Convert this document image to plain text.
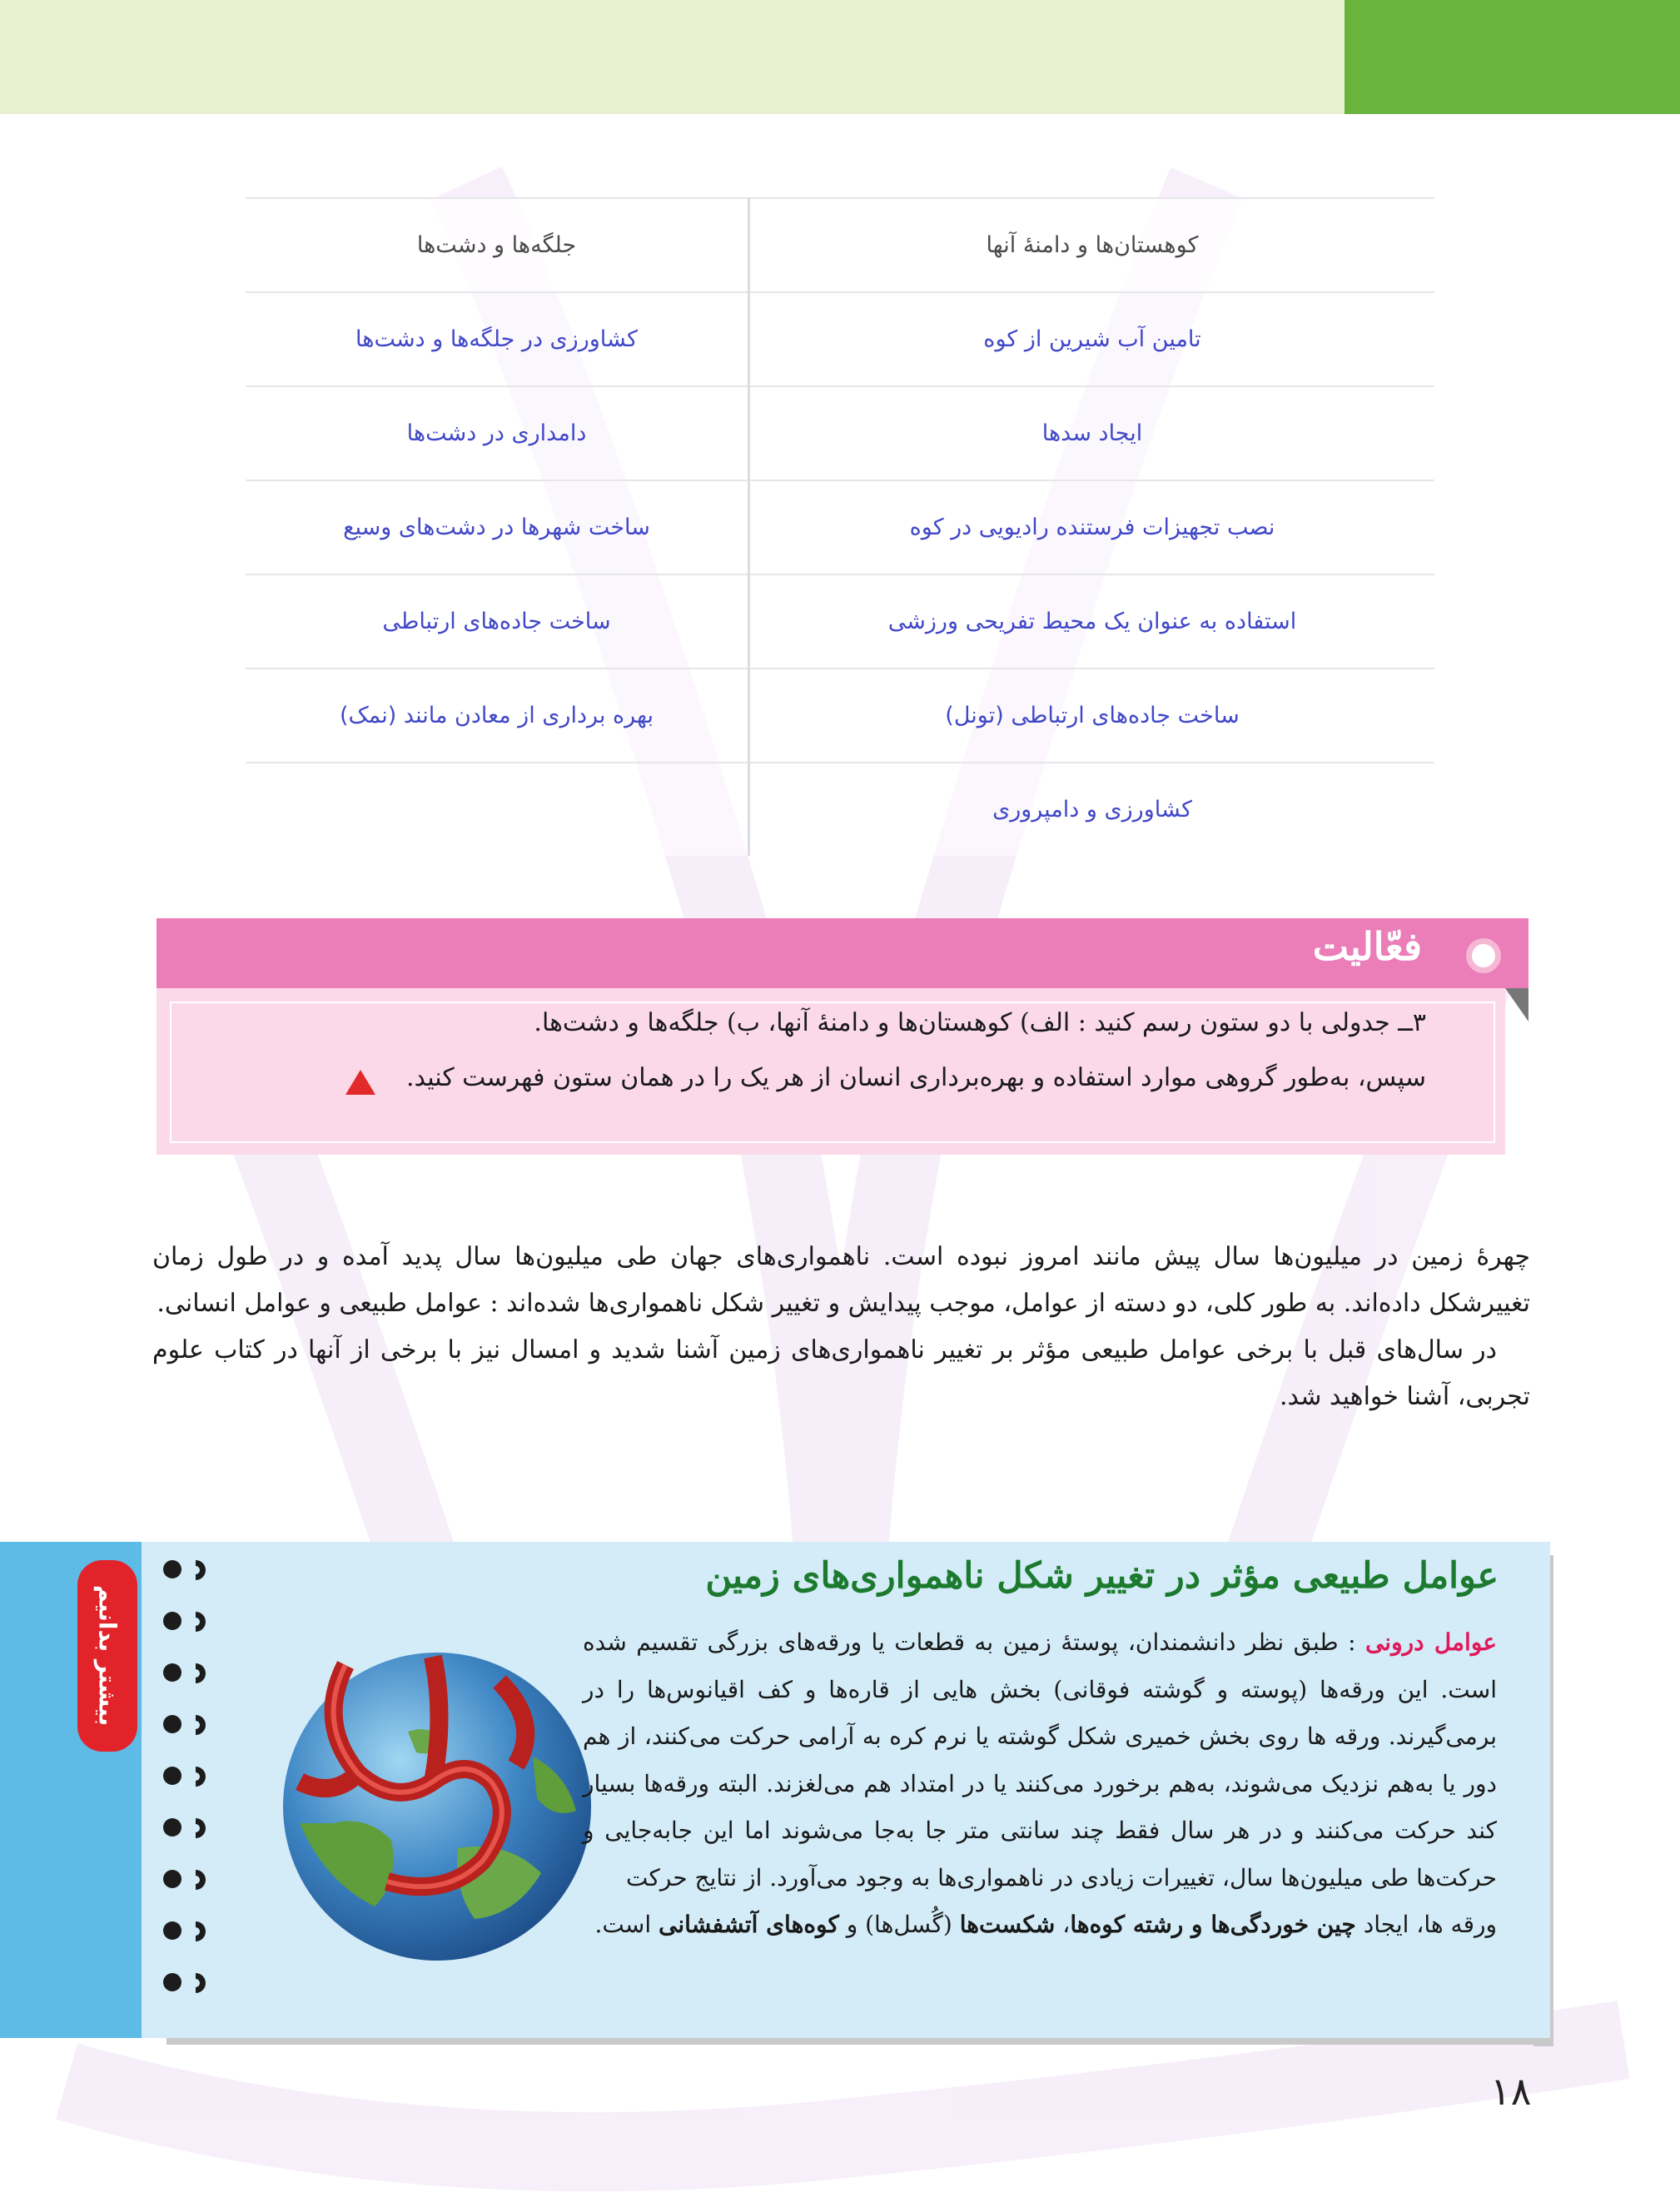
کوهستان‌ها و دامنۀ آنها	جلگه‌ها و دشت‌ها
تامین آب شیرین از کوه	کشاورزی در جلگه‌ها و دشت‌ها
ایجاد سدها	دامداری در دشت‌ها
نصب تجهیزات فرستنده رادیویی در کوه	ساخت شهرها در دشت‌های وسیع
استفاده به عنوان یک محیط تفریحی ورزشی	ساخت جاده‌های ارتباطی
ساخت جاده‌های ارتباطی (تونل)	بهره برداری از معادن مانند (نمک)
کشاورزی و دامپروری	
فعّالیت
۳ــ جدولی با دو ستون رسم کنید : الف) کوهستان‌ها و دامنۀ آنها، ب) جلگه‌ها و دشت‌ها.
سپس، به‌طور گروهی موارد استفاده و بهره‌برداری انسان از هر یک را در همان ستون فهرست کنید.

چهرۀ زمین در میلیون‌ها سال پیش مانند امروز نبوده است. ناهمواری‌های جهان طی میلیون‌ها سال پدید آمده و در طول زمان تغییرشکل داده‌اند. به طور کلی، دو دسته از عوامل، موجب پیدایش و تغییر شکل ناهمواری‌ها شده‌اند : عوامل طبیعی و عوامل انسانی.

در سال‌های قبل با برخی عوامل طبیعی مؤثر بر تغییر ناهمواری‌های زمین آشنا شدید و امسال نیز با برخی از آنها در کتاب علوم تجربی، آشنا خواهید شد.

بیشتر بدانیم
عوامل طبیعی مؤثر در تغییر شکل ناهمواری‌های زمین
عوامل درونی : طبق نظر دانشمندان، پوستۀ زمین به قطعات یا ورقه‌های بزرگی تقسیم شده است. این ورقه‌ها (پوسته و گوشته فوقانی) بخش هایی از قاره‌ها و کف اقیانوس‌ها را در برمی‌گیرند. ورقه ها روی بخش خمیری شکل گوشته یا نرم کره به آرامی حرکت می‌کنند، از هم دور یا به‌هم نزدیک می‌شوند، به‌هم برخورد می‌کنند یا در امتداد هم می‌لغزند. البته ورقه‌ها بسیار کند حرکت می‌کنند و در هر سال فقط چند سانتی متر جا به‌جا می‌شوند اما این جابه‌جایی و حرکت‌ها طی میلیون‌ها سال، تغییرات زیادی در ناهمواری‌ها به وجود می‌آورد. از نتایج حرکت
ورقه ها، ایجاد چین خوردگی‌ها و رشته کوه‌ها، شکست‌ها (گُسل‌ها) و کوه‌های آتشفشانی است.
۱۸
